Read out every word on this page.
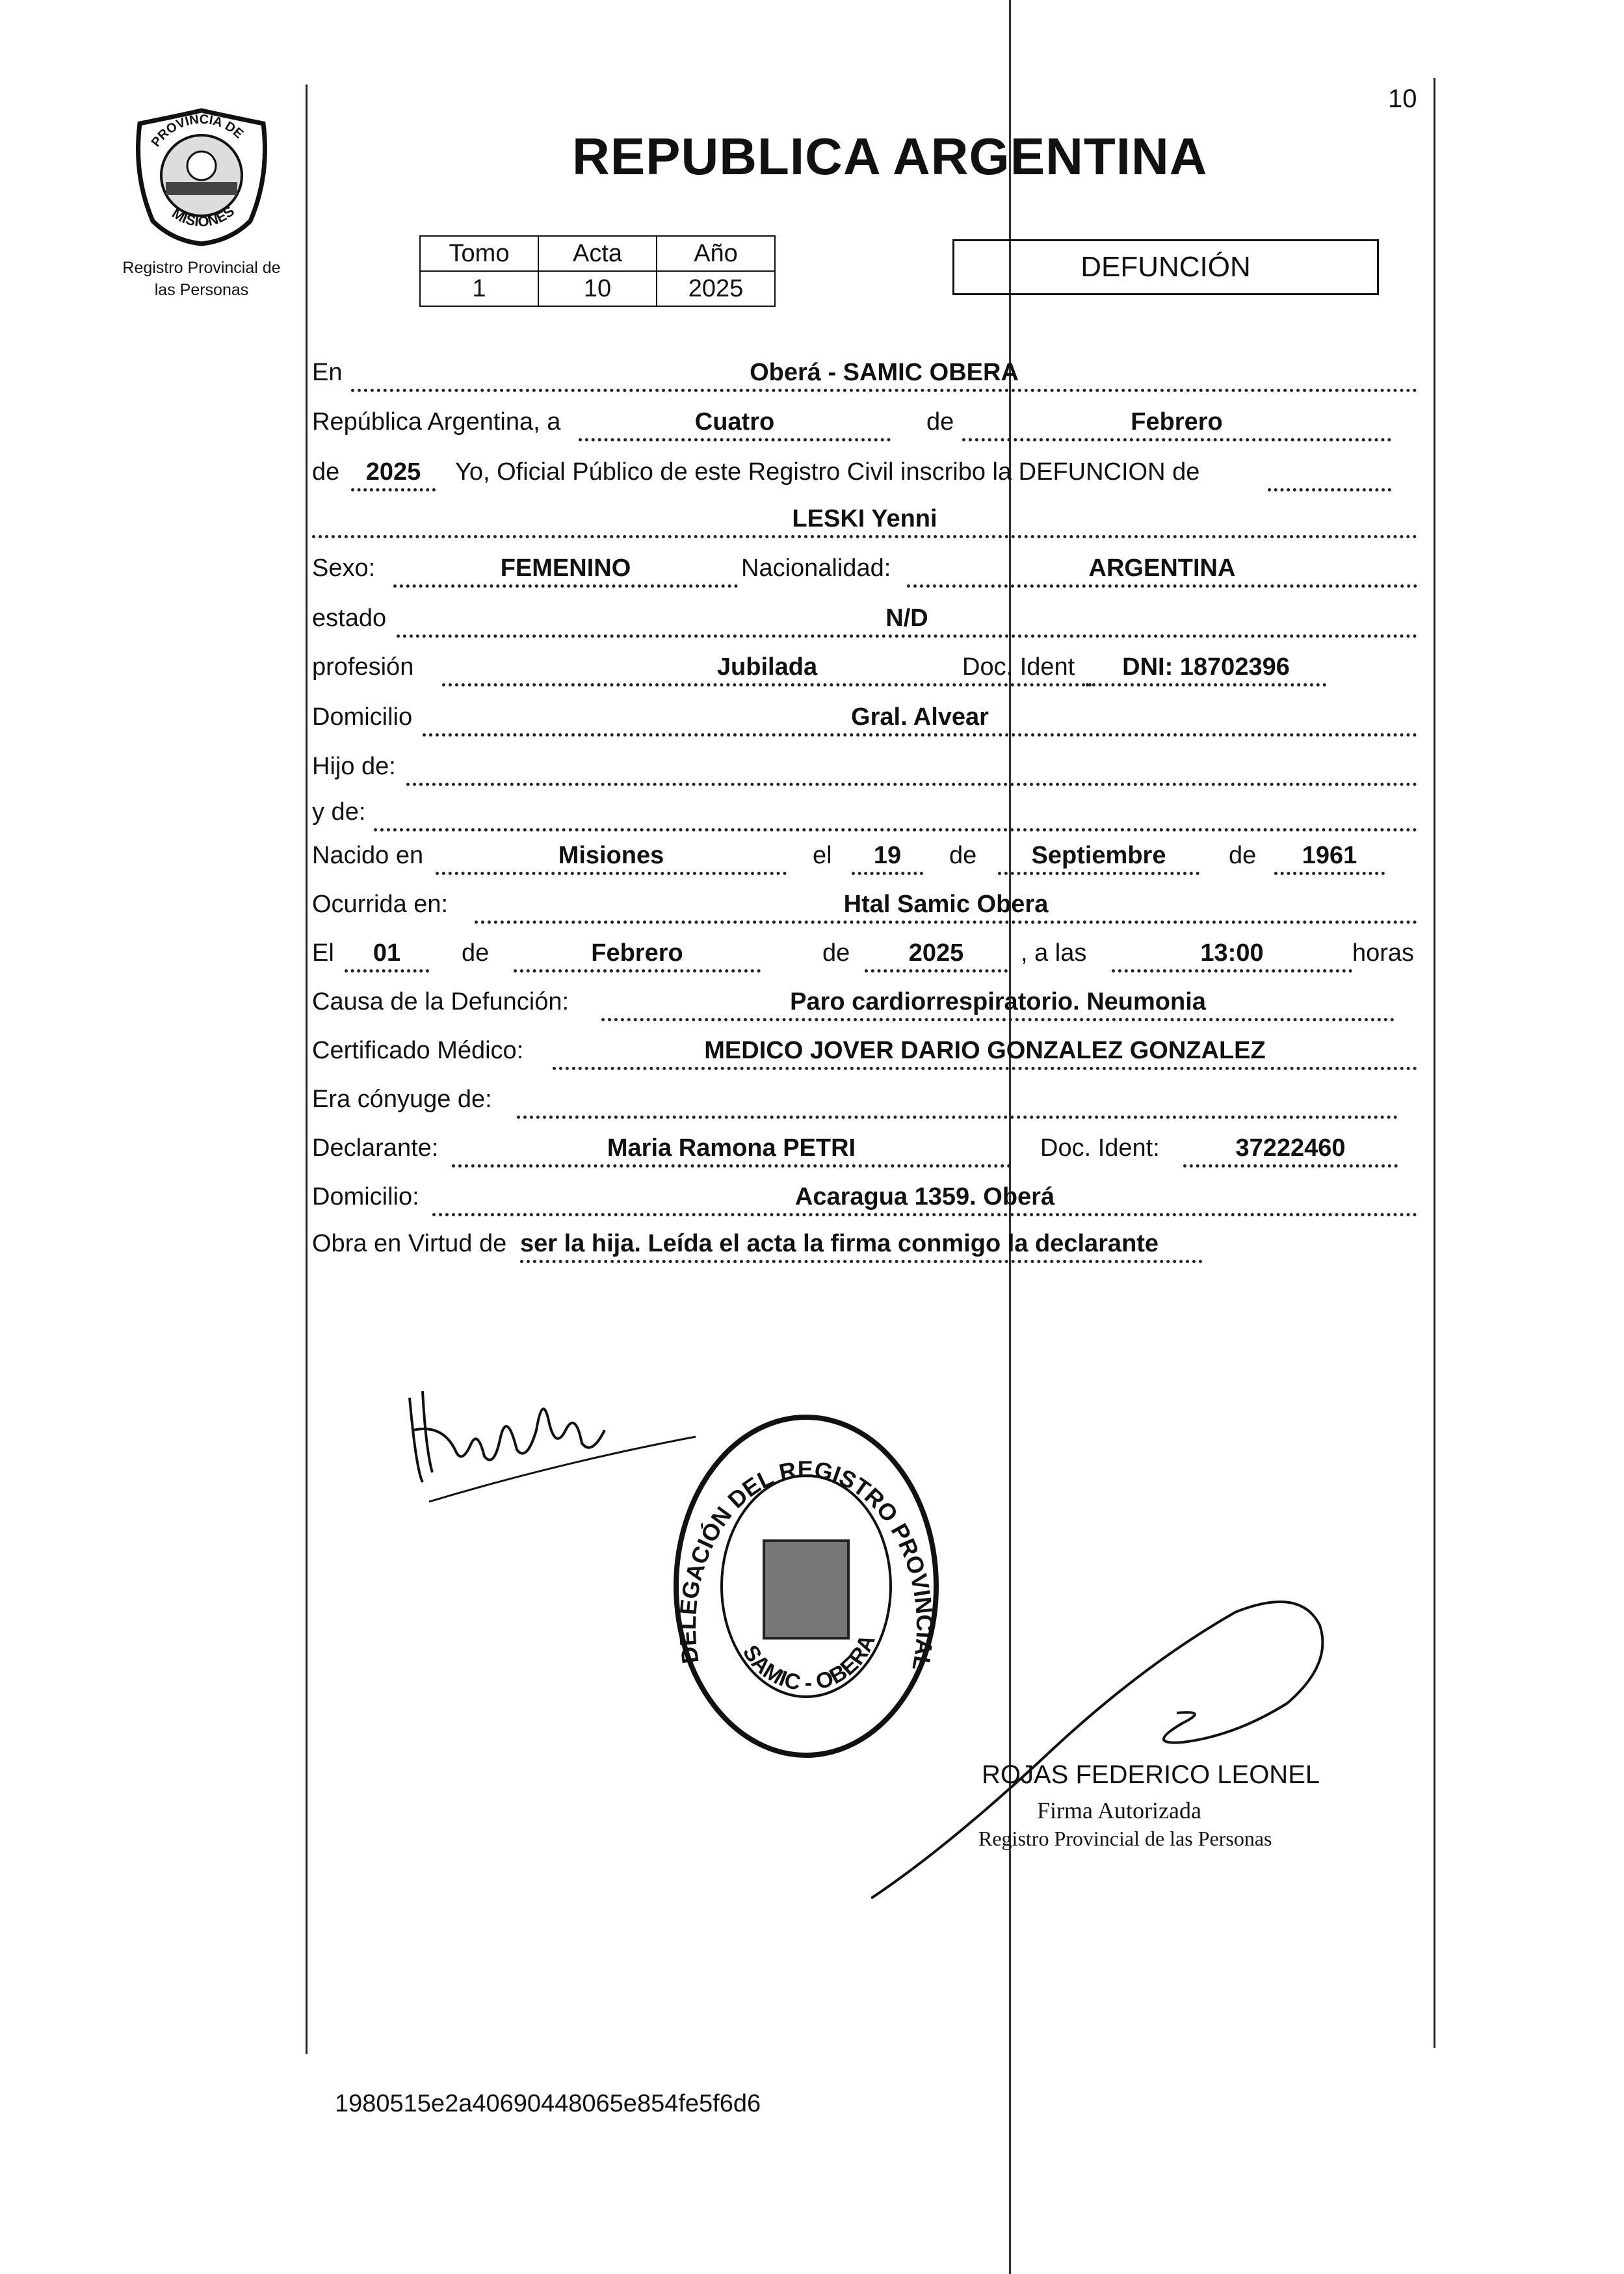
PROVINCIA DE
MISIONES
Registro Provincial de
las Personas
10
REPUBLICA ARGENTINA
Tomo	Acta	Año
1	10	2025
DEFUNCIÓN
En	Oberá - SAMIC OBERA
República Argentina, a	Cuatro	de	Febrero
de	2025	Yo, Oficial Público de este Registro Civil inscribo la DEFUNCION de
LESKI Yenni
Sexo:	FEMENINO	Nacionalidad:	ARGENTINA
estado	N/D
profesión	Jubilada	Doc. Ident	DNI: 18702396
Domicilio	Gral. Alvear
Hijo de:
y de:
Nacido en	Misiones	el	19	de	Septiembre	de	1961
Ocurrida en:	Htal Samic Obera
El	01	de	Febrero	de	2025	, a las	13:00	horas
Causa de la Defunción:	Paro cardiorrespiratorio. Neumonia
Certificado Médico:	MEDICO JOVER DARIO GONZALEZ GONZALEZ
Era cónyuge de:
Declarante:	Maria Ramona PETRI	Doc. Ident:	37222460
Domicilio:	Acaragua 1359. Oberá
Obra en Virtud de ser la hija. Leída el acta la firma conmigo la declarante
DELEGACIÓN DEL REGISTRO PROVINCIAL
SAMIC - OBERA
ROJAS FEDERICO LEONEL
Firma Autorizada
Registro Provincial de las Personas
1980515e2a40690448065e854fe5f6d6
